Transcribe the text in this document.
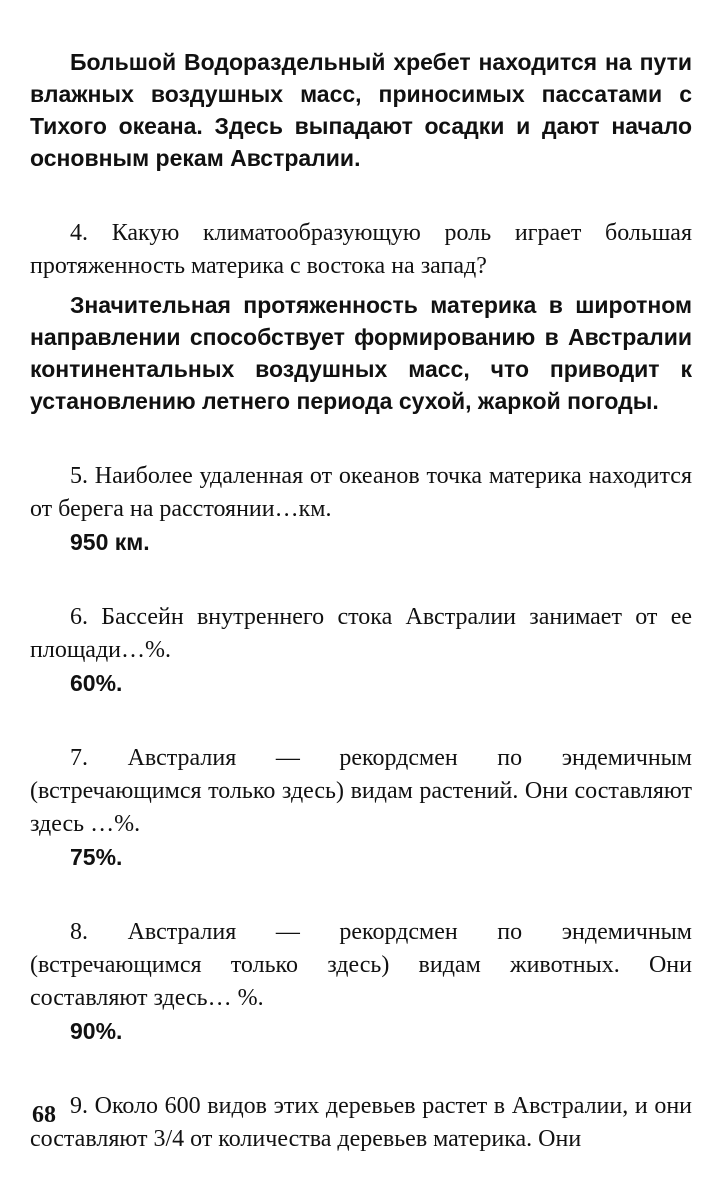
Большой Водораздельный хребет находится на пути влажных воздушных масс, приносимых пассатами с Тихого океана. Здесь выпадают осадки и дают начало основным рекам Австралии.

4. Какую климатообразующую роль играет большая протяженность материка с востока на запад?

Значительная протяженность материка в широтном направлении способствует формированию в Австралии континентальных воздушных масс, что приводит к установлению летнего периода сухой, жаркой погоды.

5. Наиболее удаленная от океанов точка материка находится от берега на расстоянии…км.

950 км.

6. Бассейн внутреннего стока Австралии занимает от ее площади…%.

60%.

7. Австралия — рекордсмен по эндемичным (встречающимся только здесь) видам растений. Они составляют здесь …%.

75%.

8. Австралия — рекордсмен по эндемичным (встречающимся только здесь) видам животных. Они составляют здесь… %.

90%.

9. Около 600 видов этих деревьев растет в Австралии, и они составляют 3/4 от количества деревьев материка. Они

68
